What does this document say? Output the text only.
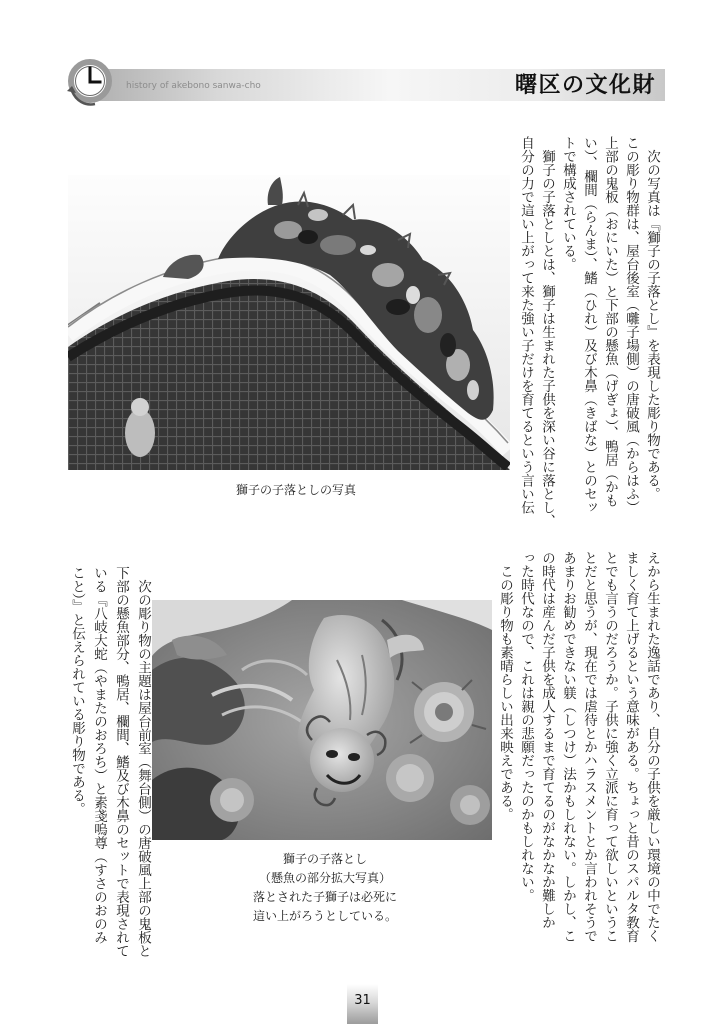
history of akebono sanwa-cho	曙区の文化財
　次の写真は『獅子の子落とし』を表現した彫り物である。
この彫り物群は、屋台後室（囃子場側）の唐破風（からはふ）
上部の鬼板（おにいた）と下部の懸魚（げぎょ）、鴨居（かも
い）、欄間（らんま）、鰭（ひれ）及び木鼻（きばな）とのセッ
トで構成されている。
　獅子の子落としとは、獅子は生まれた子供を深い谷に落とし、
自分の力で這い上がって来た強い子だけを育てるという言い伝
獅子の子落としの写真
えから生まれた逸話であり、自分の子供を厳しい環境の中でたく
ましく育て上げるという意味がある。ちょっと昔のスパルタ教育
とでも言うのだろうか。子供に強く立派に育って欲しいというこ
とだと思うが、現在では虐待とかハラスメントとか言われそうで
あまりお勧めできない躾（しつけ）法かもしれない。しかし、こ
の時代は産んだ子供を成人するまで育てるのがなかなか難しか
った時代なので、これは親の悲願だったのかもしれない。
　この彫り物も素晴らしい出来映えである。
獅子の子落とし
（懸魚の部分拡大写真）
落とされた子獅子は必死に
這い上がろうとしている。
　次の彫り物の主題は屋台前室（舞台側）の唐破風上部の鬼板と
下部の懸魚部分、鴨居、欄間、鰭及び木鼻のセットで表現されて
いる『八岐大蛇（やまたのおろち）と素戔嗚尊（すさのおのみ
こと）』と伝えられている彫り物である。
31
